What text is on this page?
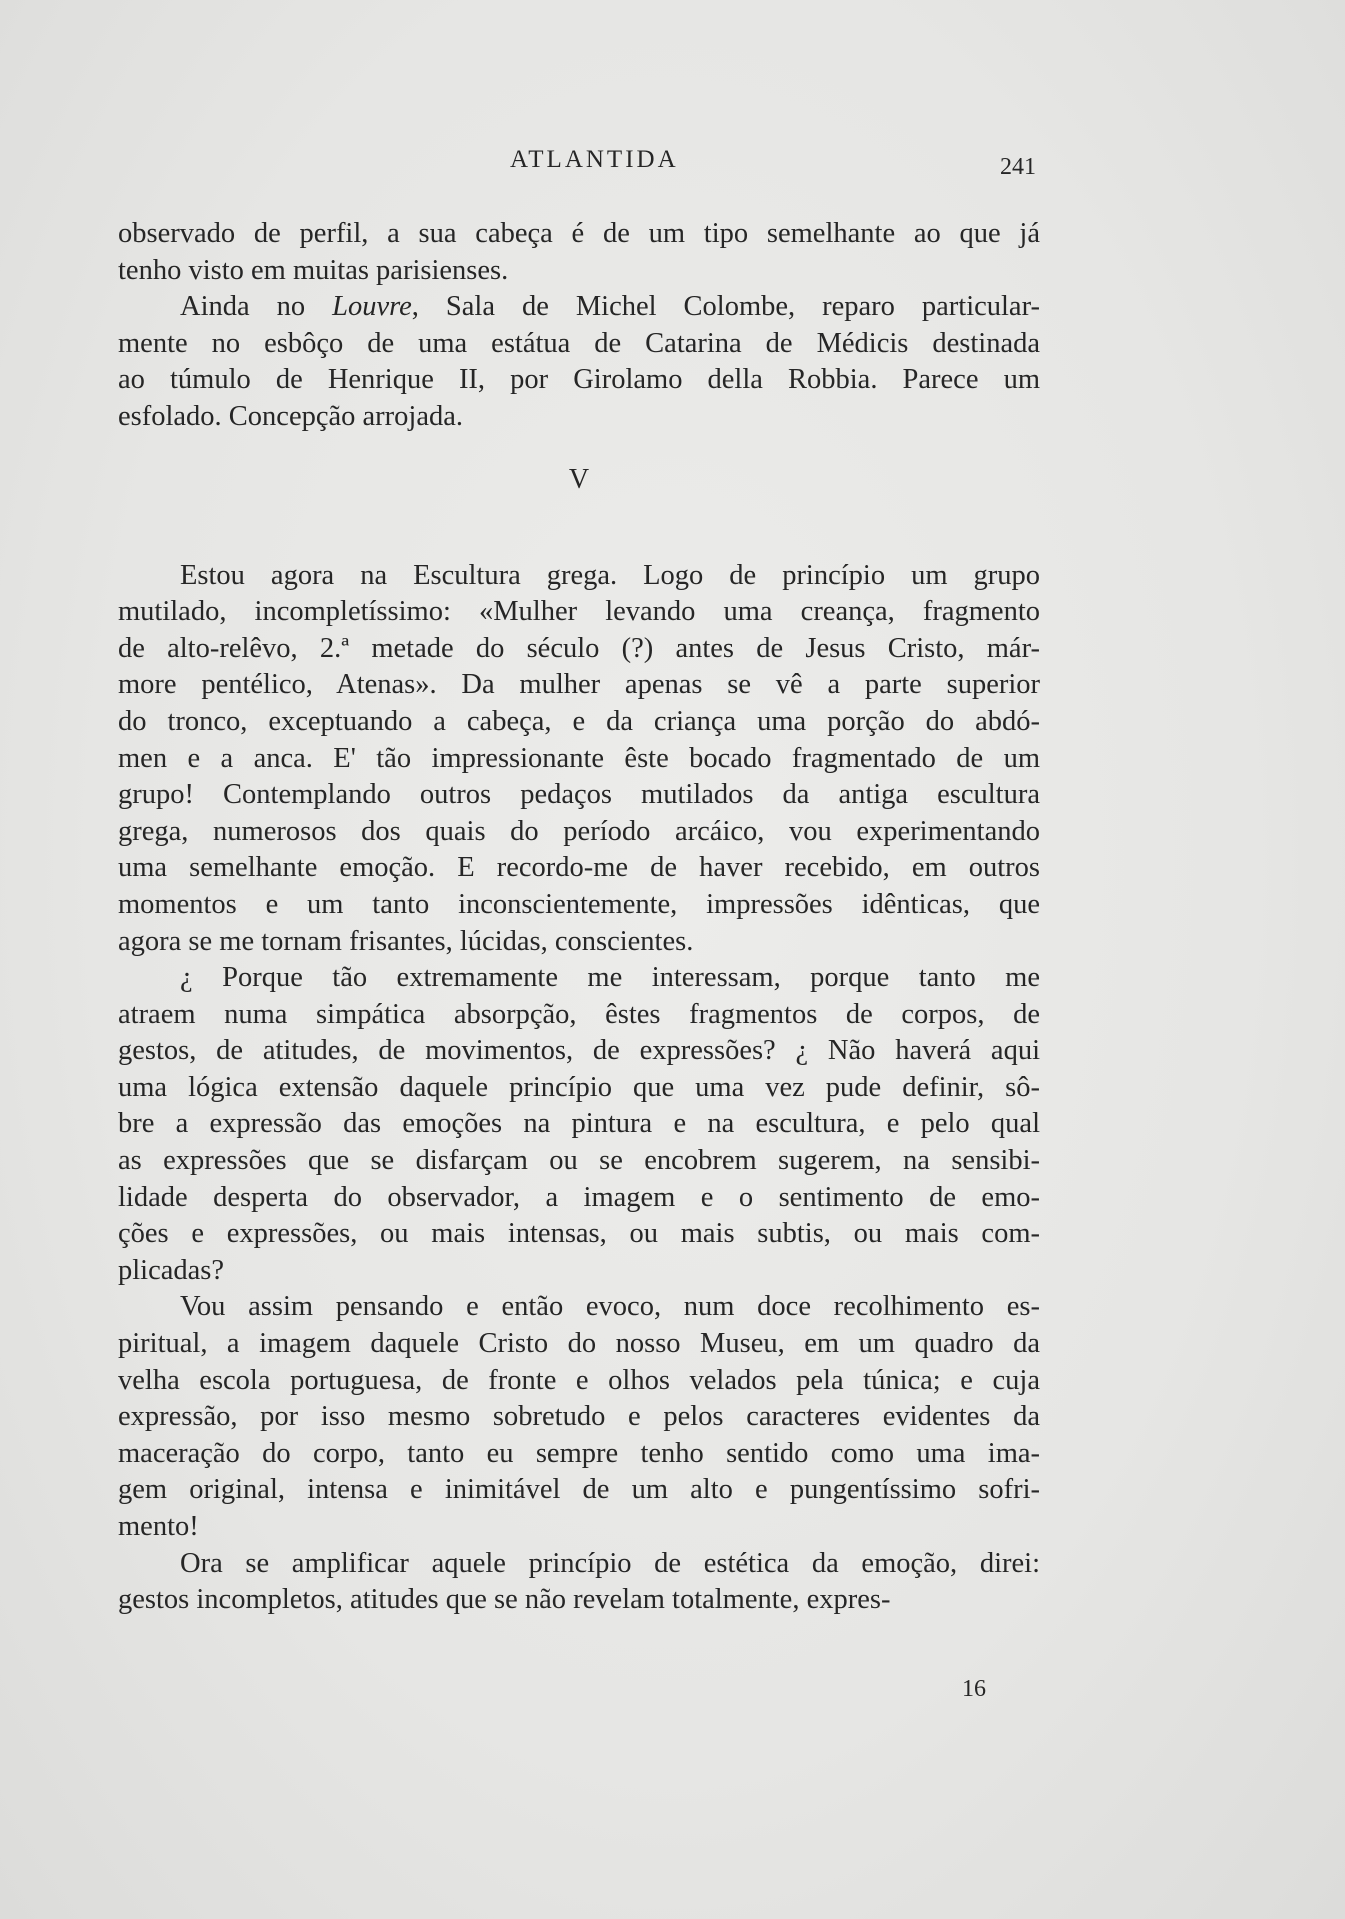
ATLANTIDA	241

observado de perfil, a sua cabeça é de um tipo semelhante ao que já
tenho visto em muitas parisienses.

Ainda no Louvre, Sala de Michel Colombe, reparo particular-
mente no esbôço de uma estátua de Catarina de Médicis destinada
ao túmulo de Henrique II, por Girolamo della Robbia. Parece um
esfolado. Concepção arrojada.

V

Estou agora na Escultura grega. Logo de princípio um grupo
mutilado, incompletíssimo: «Mulher levando uma creança, fragmento
de alto-relêvo, 2.ª metade do século (?) antes de Jesus Cristo, már-
more pentélico, Atenas». Da mulher apenas se vê a parte superior
do tronco, exceptuando a cabeça, e da criança uma porção do abdó-
men e a anca. E' tão impressionante êste bocado fragmentado de um
grupo! Contemplando outros pedaços mutilados da antiga escultura
grega, numerosos dos quais do período arcáico, vou experimentando
uma semelhante emoção. E recordo-me de haver recebido, em outros
momentos e um tanto inconscientemente, impressões idênticas, que
agora se me tornam frisantes, lúcidas, conscientes.

¿ Porque tão extremamente me interessam, porque tanto me
atraem numa simpática absorpção, êstes fragmentos de corpos, de
gestos, de atitudes, de movimentos, de expressões? ¿ Não haverá aqui
uma lógica extensão daquele princípio que uma vez pude definir, sô-
bre a expressão das emoções na pintura e na escultura, e pelo qual
as expressões que se disfarçam ou se encobrem sugerem, na sensibi-
lidade desperta do observador, a imagem e o sentimento de emo-
ções e expressões, ou mais intensas, ou mais subtis, ou mais com-
plicadas?

Vou assim pensando e então evoco, num doce recolhimento es-
piritual, a imagem daquele Cristo do nosso Museu, em um quadro da
velha escola portuguesa, de fronte e olhos velados pela túnica; e cuja
expressão, por isso mesmo sobretudo e pelos caracteres evidentes da
maceração do corpo, tanto eu sempre tenho sentido como uma ima-
gem original, intensa e inimitável de um alto e pungentíssimo sofri-
mento!

Ora se amplificar aquele princípio de estética da emoção, direi:
gestos incompletos, atitudes que se não revelam totalmente, expres-

16
